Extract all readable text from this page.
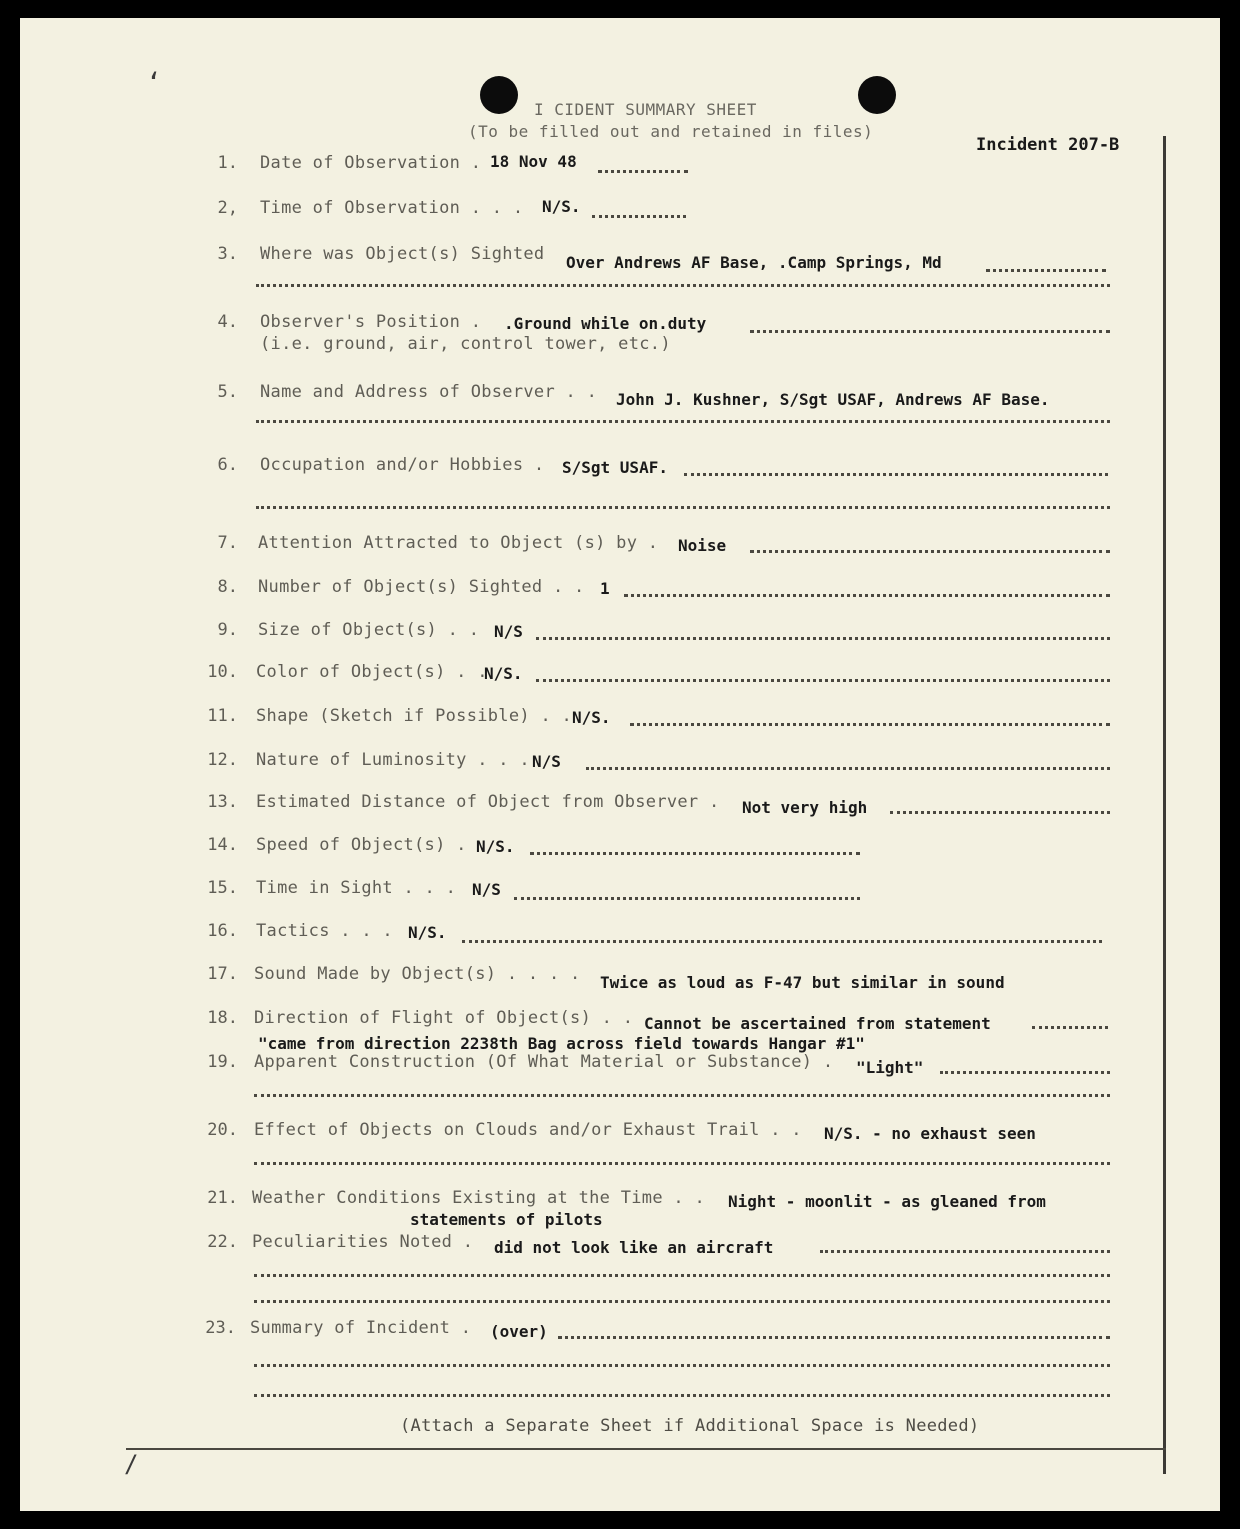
I CIDENT SUMMARY SHEET
(To be filled out and retained in files)
Incident 207-B
1. Date of Observation . 18 Nov 48
2, Time of Observation . . . N/S.
3. Where was Object(s) Sighted Over Andrews AF Base, .Camp Springs, Md
4. Observer's Position . .Ground while on.duty
(i.e. ground, air, control tower, etc.)
5. Name and Address of Observer . . John J. Kushner, S/Sgt USAF, Andrews AF Base.
6. Occupation and/or Hobbies . S/Sgt USAF.
7. Attention Attracted to Object (s) by . Noise
8. Number of Object(s) Sighted . . 1
9. Size of Object(s) . . N/S
10. Color of Object(s) . .
N/S.
11. Shape (Sketch if Possible) . . N/S.
12. Nature of Luminosity . . . N/S
13. Estimated Distance of Object from Observer . Not very high
14. Speed of Object(s) . .
N/S.
15. Time in Sight . . . N/S
16. Tactics . . . N/S.
17. Sound Made by Object(s) . . . . Twice as loud as F-47 but similar in sound
18. Direction of Flight of Object(s) . . Cannot be ascertained from statement
"came from direction 2238th Bag across field towards Hangar #1"
19. Apparent Construction (Of What Material or Substance) . "Light"
20. Effect of Objects on Clouds and/or Exhaust Trail . . N/S. - no exhaust seen
21. Weather Conditions Existing at the Time . . Night - moonlit - as gleaned from
statements of pilots
22. Peculiarities Noted . did not look like an aircraft
23. Summary of Incident . (over)
(Attach a Separate Sheet if Additional Space is Needed)
‘
/
